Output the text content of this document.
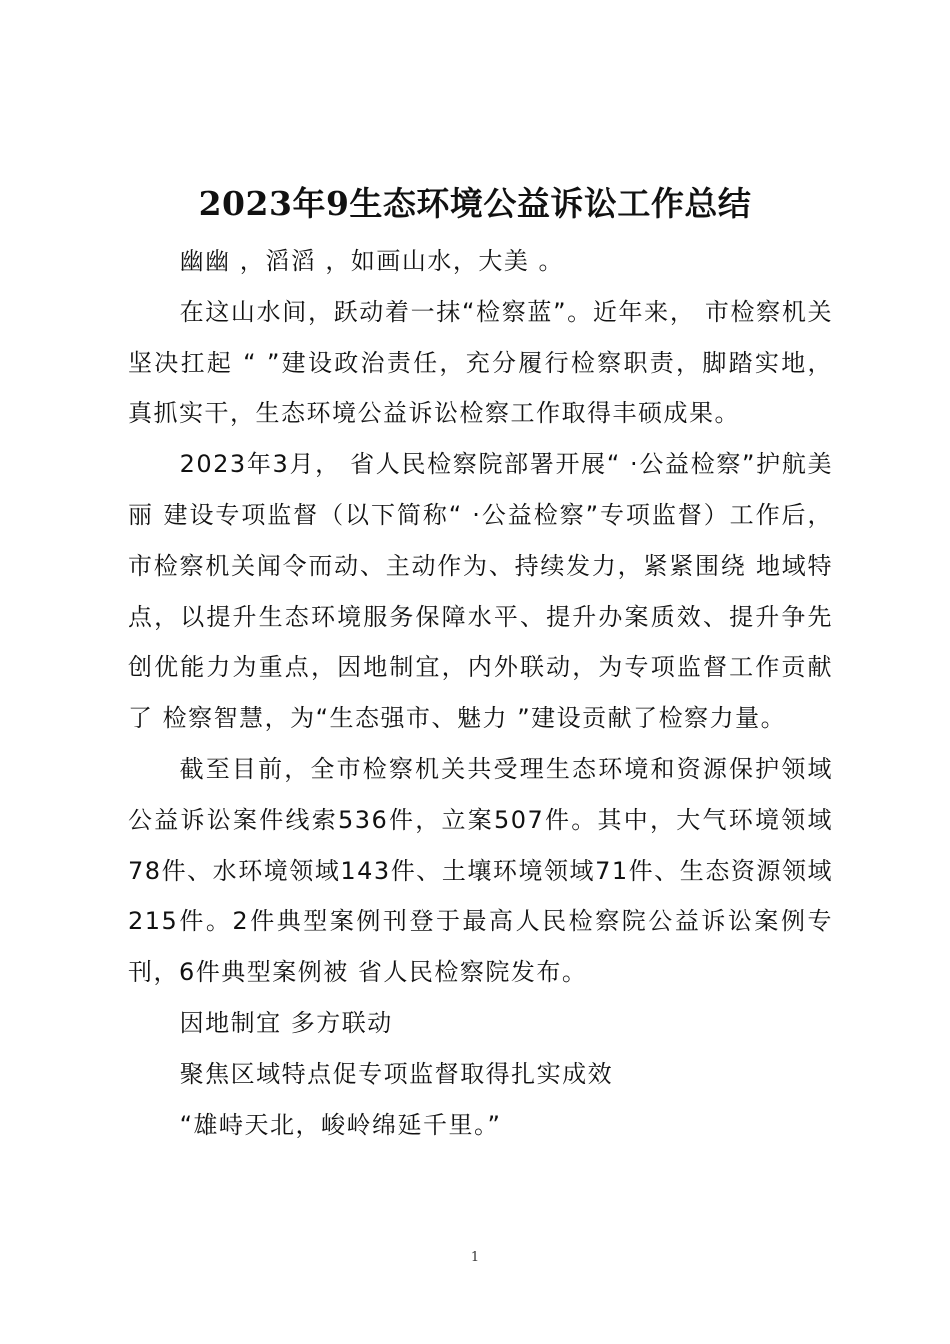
2023年9生态环境公益诉讼工作总结

幽幽 ，滔滔 ，如画山水，大美 。

在这山水间，跃动着一抹“检察蓝”。近年来， 市检察机关坚决扛起 “ ”建设政治责任，充分履行检察职责，脚踏实地，真抓实干，生态环境公益诉讼检察工作取得丰硕成果。

2023年3月， 省人民检察院部署开展“ ·公益检察”护航美丽 建设专项监督（以下简称“ ·公益检察”专项监督）工作后， 市检察机关闻令而动、主动作为、持续发力，紧紧围绕 地域特点，以提升生态环境服务保障水平、提升办案质效、提升争先创优能力为重点，因地制宜，内外联动，为专项监督工作贡献了 检察智慧，为“生态强市、魅力 ”建设贡献了检察力量。

截至目前，全市检察机关共受理生态环境和资源保护领域公益诉讼案件线索536件，立案507件。其中，大气环境领域78件、水环境领域143件、土壤环境领域71件、生态资源领域215件。2件典型案例刊登于最高人民检察院公益诉讼案例专刊，6件典型案例被 省人民检察院发布。

因地制宜 多方联动

聚焦区域特点促专项监督取得扎实成效

“雄峙天北，峻岭绵延千里。”

1
